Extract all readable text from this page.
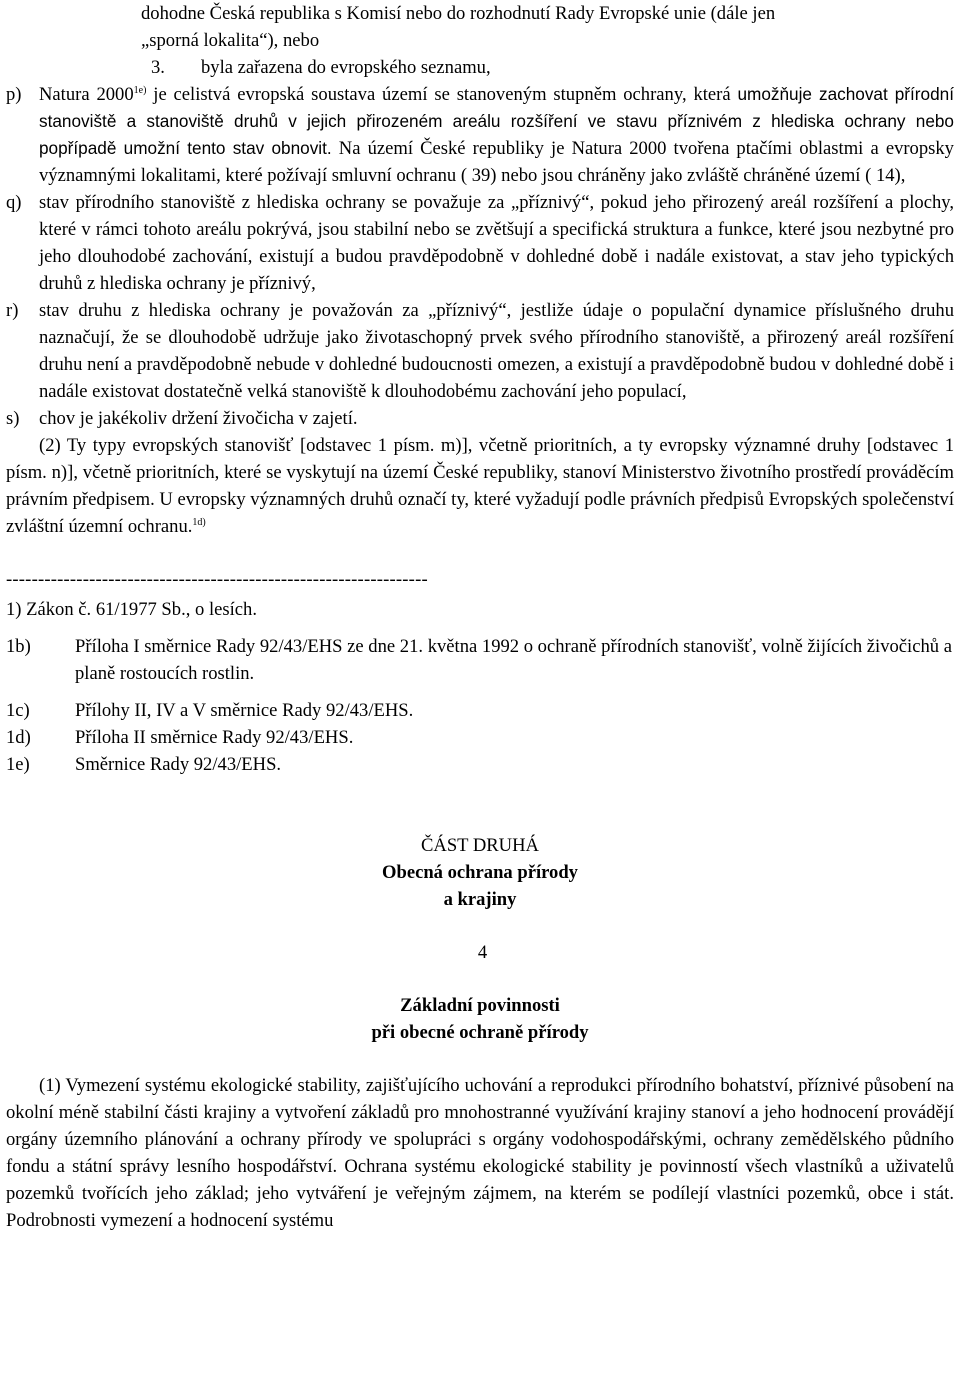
dohodne Česká republika s Komisí nebo do rozhodnutí Rady Evropské unie (dále jen

„sporná lokalita“), nebo

3. byla zařazena do evropského seznamu,

p) Natura $2000^{1e)}$ je celistvá evropská soustava území se stanoveným stupněm ochrany, která umožňuje zachovat přírodní stanoviště a stanoviště druhů v jejich přirozeném areálu rozšíření ve stavu příznivém z hlediska ochrany nebo popřípadě umožní tento stav obnovit. Na území České republiky je Natura 2000 tvořena ptačími oblastmi a evropsky významnými lokalitami, které požívají smluvní ochranu ( 39) nebo jsou chráněny jako zvláště chráněné území ( 14),

q) stav přírodního stanoviště z hlediska ochrany se považuje za „příznivý“, pokud jeho přirozený areál rozšíření a plochy, které v rámci tohoto areálu pokrývá, jsou stabilní nebo se zvětšují a specifická struktura a funkce, které jsou nezbytné pro jeho dlouhodobé zachování, existují a budou pravděpodobně v dohledné době i nadále existovat, a stav jeho typických druhů z hlediska ochrany je příznivý,

r) stav druhu z hlediska ochrany je považován za „příznivý“, jestliže údaje o populační dynamice příslušného druhu naznačují, že se dlouhodobě udržuje jako životaschopný prvek svého přírodního stanoviště, a přirozený areál rozšíření druhu není a pravděpodobně nebude v dohledné budoucnosti omezen, a existují a pravděpodobně budou v dohledné době i nadále existovat dostatečně velká stanoviště k dlouhodobému zachování jeho populací,

s) chov je jakékoliv držení živočicha v zajetí.

(2) Ty typy evropských stanovišť [odstavec 1 písm. m)], včetně prioritních, a ty evropsky významné druhy [odstavec 1 písm. n)], včetně prioritních, které se vyskytují na území České republiky, stanoví Ministerstvo životního prostředí prováděcím právním předpisem. U evropsky významných druhů označí ty, které vyžadují podle právních předpisů Evropských společenství zvláštní územní ochranu.$^{1d)}$

------------------------------------------------------------------

1) Zákon č. 61/1977 Sb., o lesích.

1b) Příloha I směrnice Rady 92/43/EHS ze dne 21. května 1992 o ochraně přírodních stanovišť, volně žijících živočichů a planě rostoucích rostlin.

1c) Přílohy II, IV a V směrnice Rady 92/43/EHS.

1d) Příloha II směrnice Rady 92/43/EHS.

1e) Směrnice Rady 92/43/EHS.

ČÁST DRUHÁ

Obecná ochrana přírody

a krajiny

 4

Základní povinnosti

při obecné ochraně přírody

(1) Vymezení systému ekologické stability, zajišťujícího uchování a reprodukci přírodního bohatství, příznivé působení na okolní méně stabilní části krajiny a vytvoření základů pro mnohostranné využívání krajiny stanoví a jeho hodnocení provádějí orgány územního plánování a ochrany přírody ve spolupráci s orgány vodohospodářskými, ochrany zemědělského půdního fondu a státní správy lesního hospodářství. Ochrana systému ekologické stability je povinností všech vlastníků a uživatelů pozemků tvořících jeho základ; jeho vytváření je veřejným zájmem, na kterém se podílejí vlastníci pozemků, obce i stát. Podrobnosti vymezení a hodnocení systému
